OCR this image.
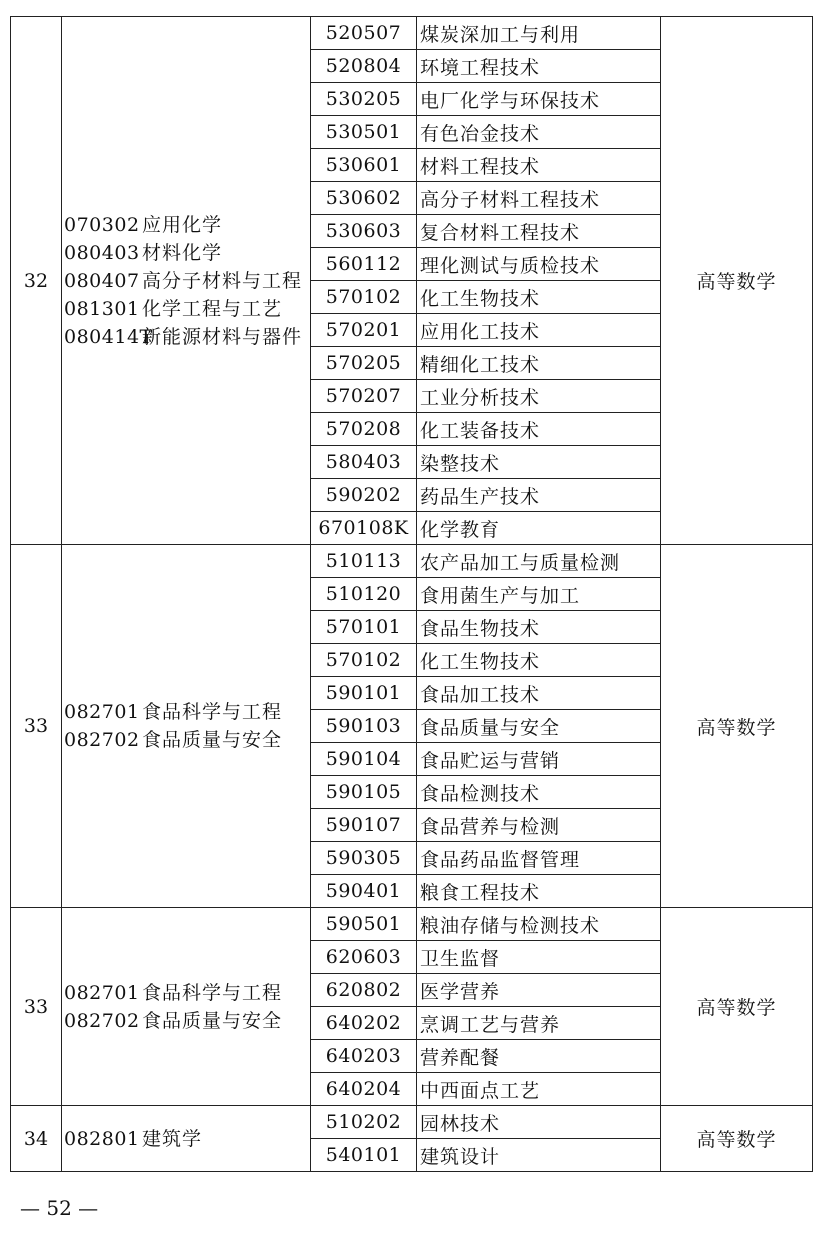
32	070302 应用化学
080403 材料化学
080407 高分子材料与工程
081301 化学工程与工艺
080414T新能源材料与器件	520507	煤炭深加工与利用	高等数学
		520804	环境工程技术	
		530205	电厂化学与环保技术	
		530501	有色冶金技术	
		530601	材料工程技术	
		530602	高分子材料工程技术	
		530603	复合材料工程技术	
		560112	理化测试与质检技术	
		570102	化工生物技术	
		570201	应用化工技术	
		570205	精细化工技术	
		570207	工业分析技术	
		570208	化工装备技术	
		580403	染整技术	
		590202	药品生产技术	
		670108K	化学教育	
33	082701 食品科学与工程
082702 食品质量与安全	510113	农产品加工与质量检测	高等数学
		510120	食用菌生产与加工	
		570101	食品生物技术	
		570102	化工生物技术	
		590101	食品加工技术	
		590103	食品质量与安全	
		590104	食品贮运与营销	
		590105	食品检测技术	
		590107	食品营养与检测	
		590305	食品药品监督管理	
		590401	粮食工程技术	
33	082701 食品科学与工程
082702 食品质量与安全	590501	粮油存储与检测技术	高等数学
		620603	卫生监督	
		620802	医学营养	
		640202	烹调工艺与营养	
		640203	营养配餐	
		640204	中西面点工艺	
34	082801 建筑学	510202	园林技术	高等数学
		540101	建筑设计	
— 52 —
